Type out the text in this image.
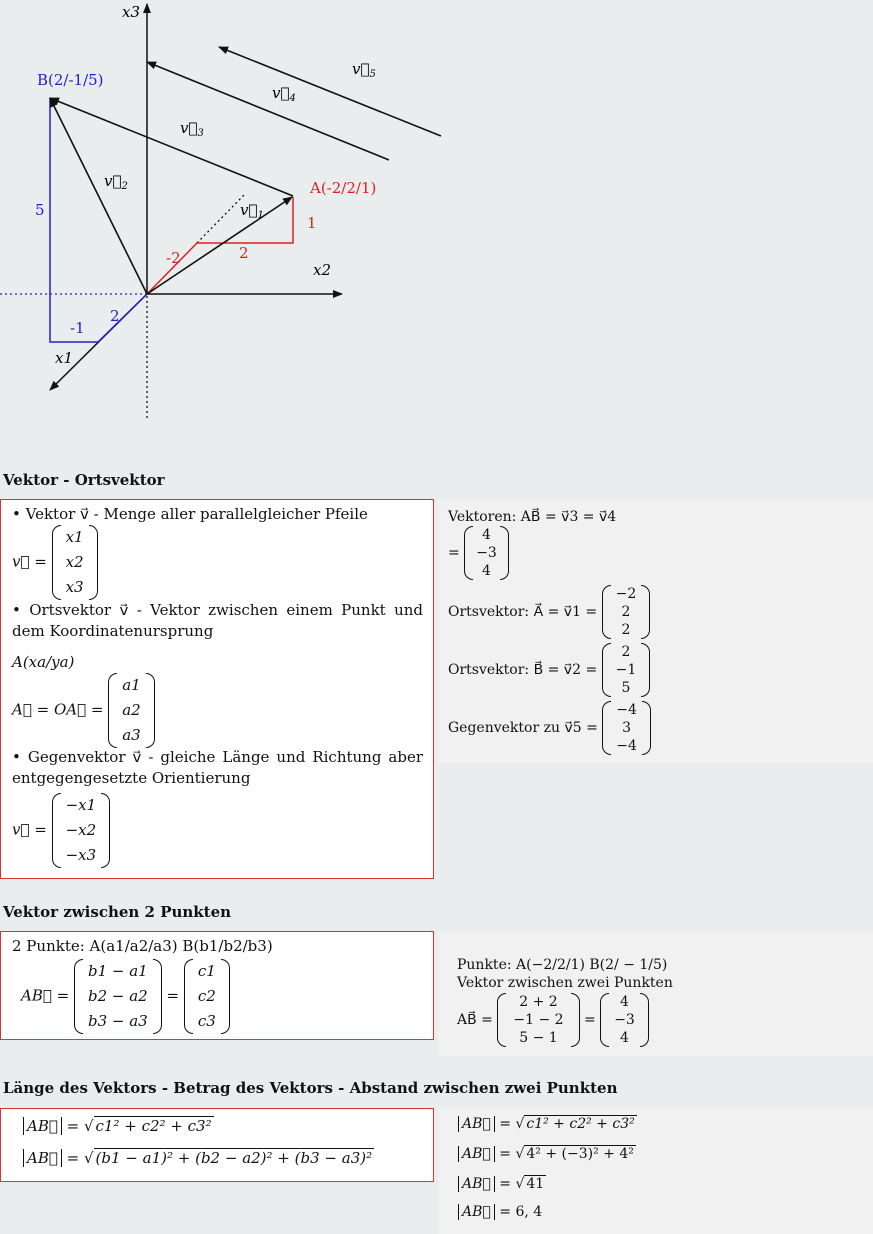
x3
x2
x1
-2	2
1
A(-2/2/1)
2
-1
5
B(2/-1/5)
$v⃗_1$
$v⃗_2$
$v⃗_3$
$v⃗_4$
$v⃗_5$
Vektor - Ortsvektor
• Vektor v⃗ - Menge aller parallelgleicher Pfeile
v⃗ =
x1
x2
x3
• Ortsvektor v⃗ - Vektor zwischen einem Punkt und
dem Koordinatenursprung
A(xa/ya)
A⃗ = OA⃗ =
a1
a2
a3
• Gegenvektor v⃗ - gleiche Länge und Richtung aber
entgegengesetzte Orientierung
v⃗ =
−x1
−x2
−x3
Vektoren: AB⃗ = v⃗3 = v⃗4
=
4
−3
4
Ortsvektor: A⃗ = v⃗1 =
−2
2
2
Ortsvektor: B⃗ = v⃗2 =
2
−1
5
Gegenvektor zu v⃗5 =
−4
3
−4
Vektor zwischen 2 Punkten
2 Punkte: A(a1/a2/a3) B(b1/b2/b3)
AB⃗ =
b1 − a1
b2 − a2
b3 − a3
=
c1
c2
c3
Punkte: A(−2/2/1) B(2/ − 1/5)
Vektor zwischen zwei Punkten
AB⃗ =
2 + 2
−1 − 2
5 − 1
=
4
−3
4
Länge des Vektors - Betrag des Vektors - Abstand zwischen zwei Punkten
AB⃗ = √ c1² + c2² + c3²
AB⃗ = √ (b1 − a1)² + (b2 − a2)² + (b3 − a3)²
AB⃗ = √ c1² + c2² + c3²
AB⃗ = √ 4² + (−3)² + 4²
AB⃗ = √ 41
AB⃗ = 6, 4
